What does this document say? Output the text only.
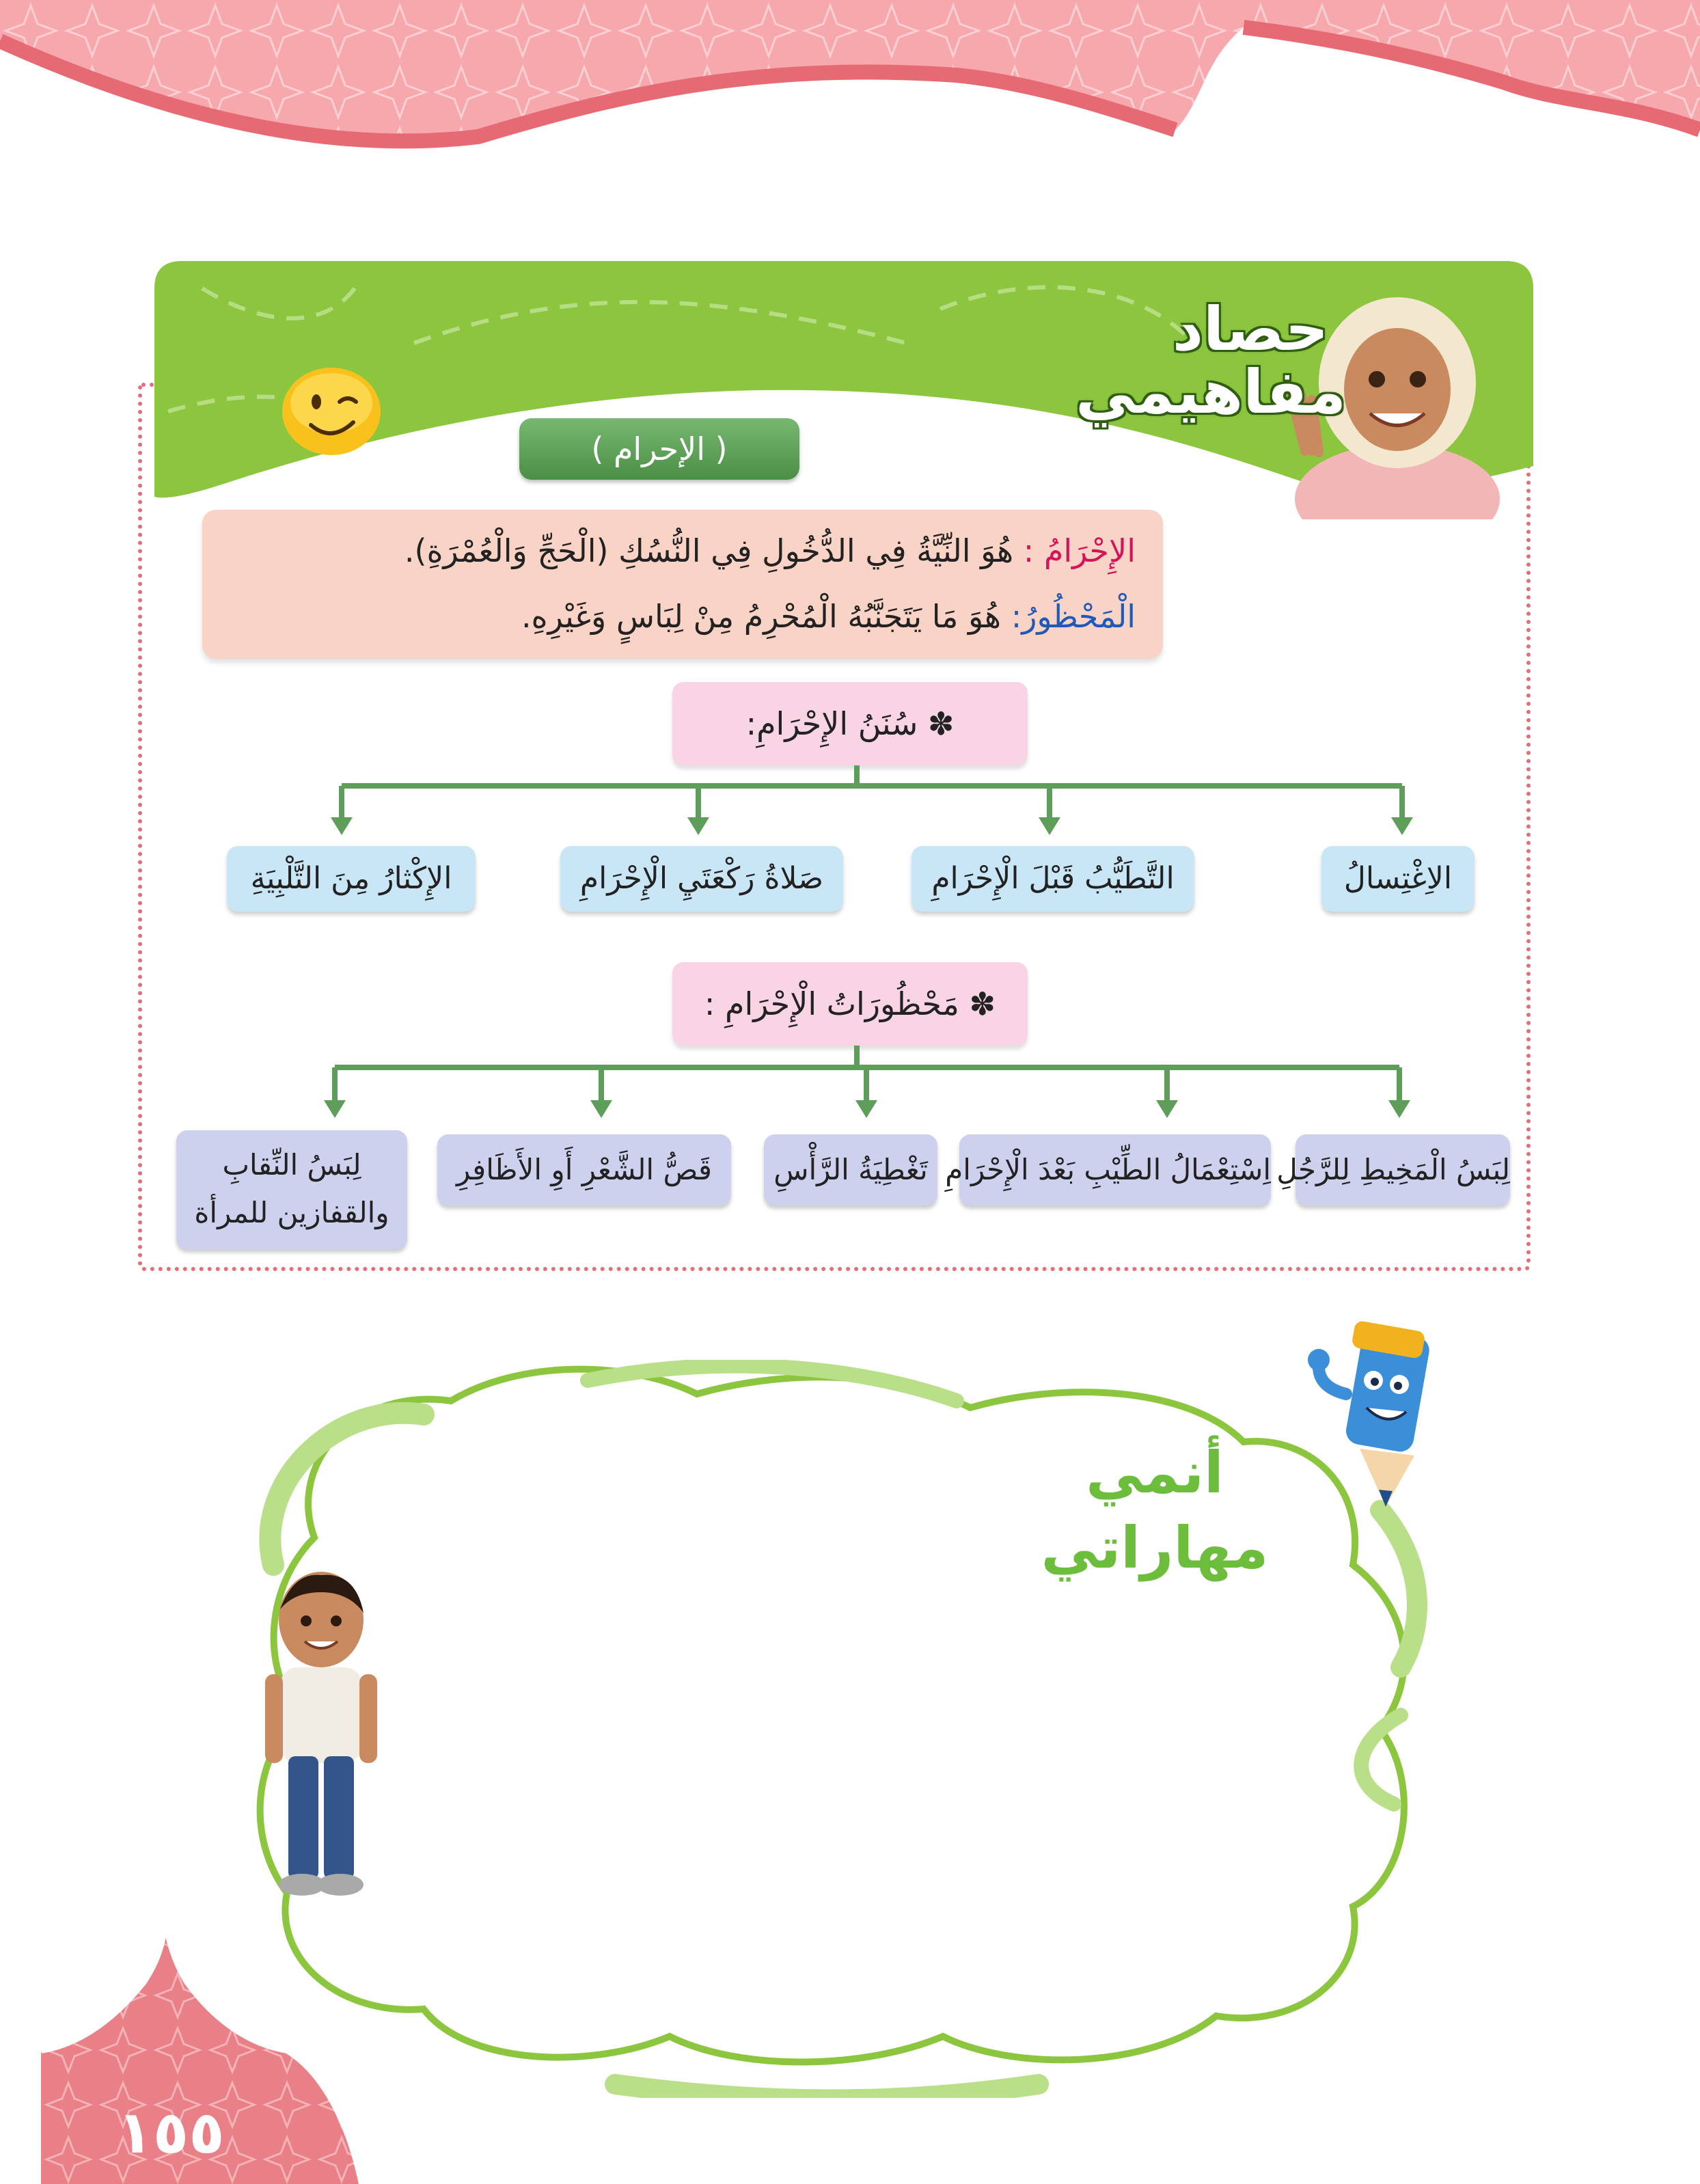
حصاد
مفاهيمي
( الإحرام )
الإِحْرَامُ : هُوَ النِّيَّةُ فِي الدُّخُولِ فِي النُّسُكِ (الْحَجِّ وَالْعُمْرَةِ).
الْمَحْظُورُ: هُوَ مَا يَتَجَنَّبُهُ الْمُحْرِمُ مِنْ لِبَاسٍ وَغَيْرِهِ.
✽ سُنَنُ الإِحْرَامِ:
الاِغْتِسالُ
التَّطَيُّبُ قَبْلَ الْإِحْرَامِ
صَلاةُ رَكْعَتَيِ الْإِحْرَامِ
الإِكْثارُ مِنَ التَّلْبِيَةِ
✽ مَحْظُورَاتُ الْإِحْرَامِ :
لِبَسُ الْمَخِيطِ لِلرَّجُلِ
اِسْتِعْمَالُ الطِّيْبِ بَعْدَ الْإِحْرَامِ
تَغْطِيَةُ الرَّأْسِ
قَصُّ الشَّعْرِ أَوِ الأَظَافِرِ
لِبَسُ النِّقابِ
والقفازين للمرأة
أنمي
مهاراتي
١٥٥
